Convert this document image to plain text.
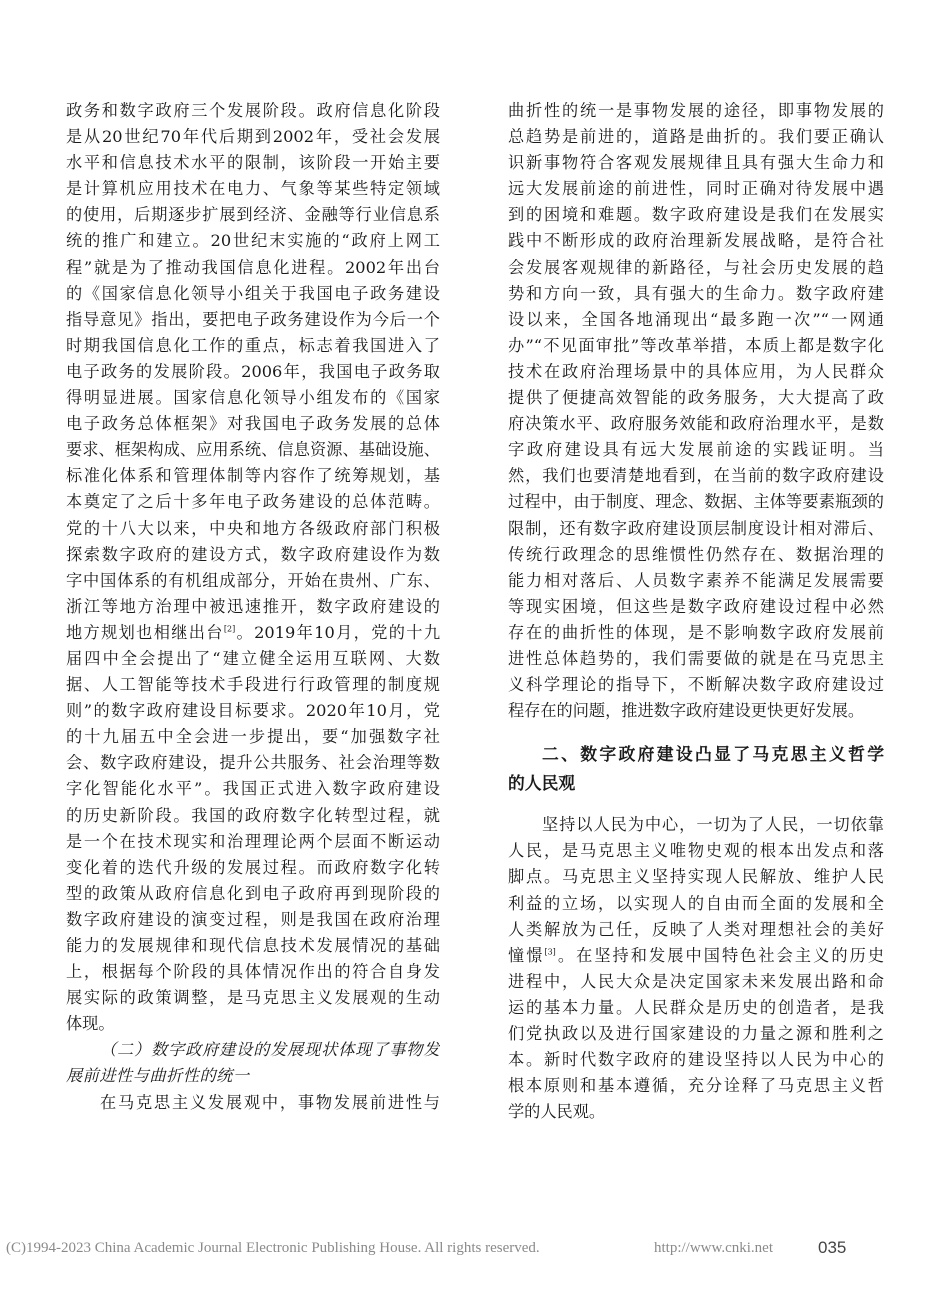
政务和数字政府三个发展阶段。政府信息化阶段
是从20世纪70年代后期到2002年，受社会发展
水平和信息技术水平的限制，该阶段一开始主要
是计算机应用技术在电力、气象等某些特定领域
的使用，后期逐步扩展到经济、金融等行业信息系
统的推广和建立。20世纪末实施的“政府上网工
程”就是为了推动我国信息化进程。2002年出台
的《国家信息化领导小组关于我国电子政务建设
指导意见》指出，要把电子政务建设作为今后一个
时期我国信息化工作的重点，标志着我国进入了
电子政务的发展阶段。2006年，我国电子政务取
得明显进展。国家信息化领导小组发布的《国家
电子政务总体框架》对我国电子政务发展的总体
要求、框架构成、应用系统、信息资源、基础设施、
标准化体系和管理体制等内容作了统筹规划，基
本奠定了之后十多年电子政务建设的总体范畴。
党的十八大以来，中央和地方各级政府部门积极
探索数字政府的建设方式，数字政府建设作为数
字中国体系的有机组成部分，开始在贵州、广东、
浙江等地方治理中被迅速推开，数字政府建设的
地方规划也相继出台[2]。2019年10月，党的十九
届四中全会提出了“建立健全运用互联网、大数
据、人工智能等技术手段进行行政管理的制度规
则”的数字政府建设目标要求。2020年10月，党
的十九届五中全会进一步提出，要“加强数字社
会、数字政府建设，提升公共服务、社会治理等数
字化智能化水平”。我国正式进入数字政府建设
的历史新阶段。我国的政府数字化转型过程，就
是一个在技术现实和治理理论两个层面不断运动
变化着的迭代升级的发展过程。而政府数字化转
型的政策从政府信息化到电子政府再到现阶段的
数字政府建设的演变过程，则是我国在政府治理
能力的发展规律和现代信息技术发展情况的基础
上，根据每个阶段的具体情况作出的符合自身发
展实际的政策调整，是马克思主义发展观的生动
体现。
（二）数字政府建设的发展现状体现了事物发
展前进性与曲折性的统一
在马克思主义发展观中，事物发展前进性与
曲折性的统一是事物发展的途径，即事物发展的
总趋势是前进的，道路是曲折的。我们要正确认
识新事物符合客观发展规律且具有强大生命力和
远大发展前途的前进性，同时正确对待发展中遇
到的困境和难题。数字政府建设是我们在发展实
践中不断形成的政府治理新发展战略，是符合社
会发展客观规律的新路径，与社会历史发展的趋
势和方向一致，具有强大的生命力。数字政府建
设以来，全国各地涌现出“最多跑一次”“一网通
办”“不见面审批”等改革举措，本质上都是数字化
技术在政府治理场景中的具体应用，为人民群众
提供了便捷高效智能的政务服务，大大提高了政
府决策水平、政府服务效能和政府治理水平，是数
字政府建设具有远大发展前途的实践证明。当
然，我们也要清楚地看到，在当前的数字政府建设
过程中，由于制度、理念、数据、主体等要素瓶颈的
限制，还有数字政府建设顶层制度设计相对滞后、
传统行政理念的思维惯性仍然存在、数据治理的
能力相对落后、人员数字素养不能满足发展需要
等现实困境，但这些是数字政府建设过程中必然
存在的曲折性的体现，是不影响数字政府发展前
进性总体趋势的，我们需要做的就是在马克思主
义科学理论的指导下，不断解决数字政府建设过
程存在的问题，推进数字政府建设更快更好发展。
二、数字政府建设凸显了马克思主义哲学
的人民观
坚持以人民为中心，一切为了人民，一切依靠
人民，是马克思主义唯物史观的根本出发点和落
脚点。马克思主义坚持实现人民解放、维护人民
利益的立场，以实现人的自由而全面的发展和全
人类解放为己任，反映了人类对理想社会的美好
憧憬[3]。在坚持和发展中国特色社会主义的历史
进程中，人民大众是决定国家未来发展出路和命
运的基本力量。人民群众是历史的创造者，是我
们党执政以及进行国家建设的力量之源和胜利之
本。新时代数字政府的建设坚持以人民为中心的
根本原则和基本遵循，充分诠释了马克思主义哲
学的人民观。
(C)1994-2023 China Academic Journal Electronic Publishing House. All rights reserved.	http://www.cnki.net	035
